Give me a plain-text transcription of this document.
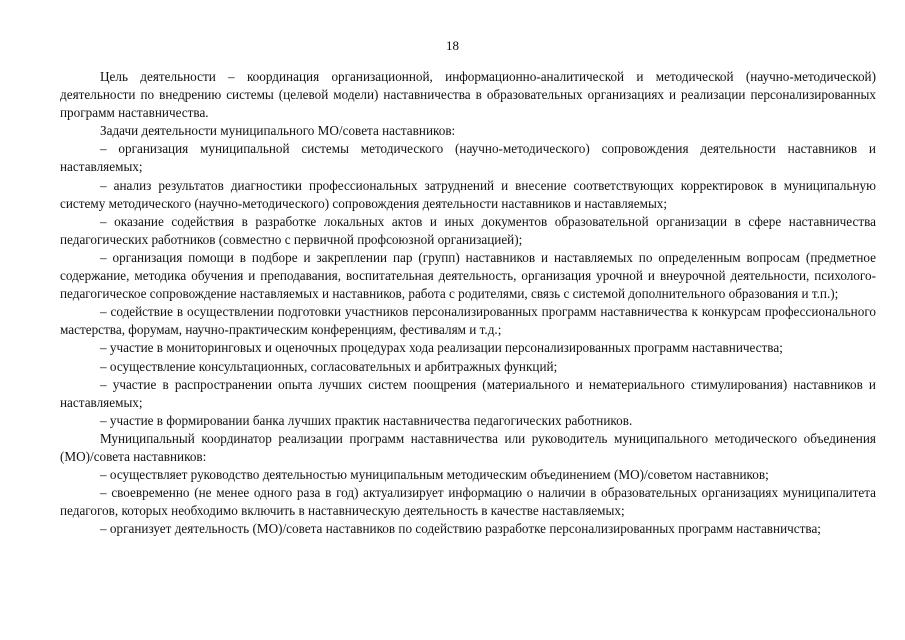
18

Цель деятельности – координация организационной, информационно-аналитической и методической (научно-методической) деятельности по внедрению системы (целевой модели) наставничества в образовательных организациях и реализации персонализированных программ наставничества.

Задачи деятельности муниципального МО/совета наставников:

– организация муниципальной системы методического (научно-методического) сопровождения деятельности наставников и наставляемых;

– анализ результатов диагностики профессиональных затруднений и внесение соответствующих корректировок в муниципальную систему методического (научно-методического) сопровождения деятельности наставников и наставляемых;

– оказание содействия в разработке локальных актов и иных документов образовательной организации в сфере наставничества педагогических работников (совместно с первичной профсоюзной организацией);

– организация помощи в подборе и закреплении пар (групп) наставников и наставляемых по определенным вопросам (предметное содержание, методика обучения и преподавания, воспитательная деятельность, организация урочной и внеурочной деятельности, психолого-педагогическое сопровождение наставляемых и наставников, работа с родителями, связь с системой дополнительного образования и т.п.);

– содействие в осуществлении подготовки участников персонализированных программ наставничества к конкурсам профессионального мастерства, форумам, научно-практическим конференциям, фестивалям и т.д.;

– участие в мониторинговых и оценочных процедурах хода реализации персонализированных программ наставничества;

– осуществление консультационных, согласовательных и арбитражных функций;

– участие в распространении опыта лучших систем поощрения (материального и нематериального стимулирования) наставников и наставляемых;

– участие в формировании банка лучших практик наставничества педагогических работников.

Муниципальный координатор реализации программ наставничества или руководитель муниципального методического объединения (МО)/совета наставников:

– осуществляет руководство деятельностью муниципальным методическим объединением (МО)/советом наставников;

– своевременно (не менее одного раза в год) актуализирует информацию о наличии в образовательных организациях муниципалитета педагогов, которых необходимо включить в наставническую деятельность в качестве наставляемых;

– организует деятельность (МО)/совета наставников по содействию разработке персонализированных программ наставничства;
